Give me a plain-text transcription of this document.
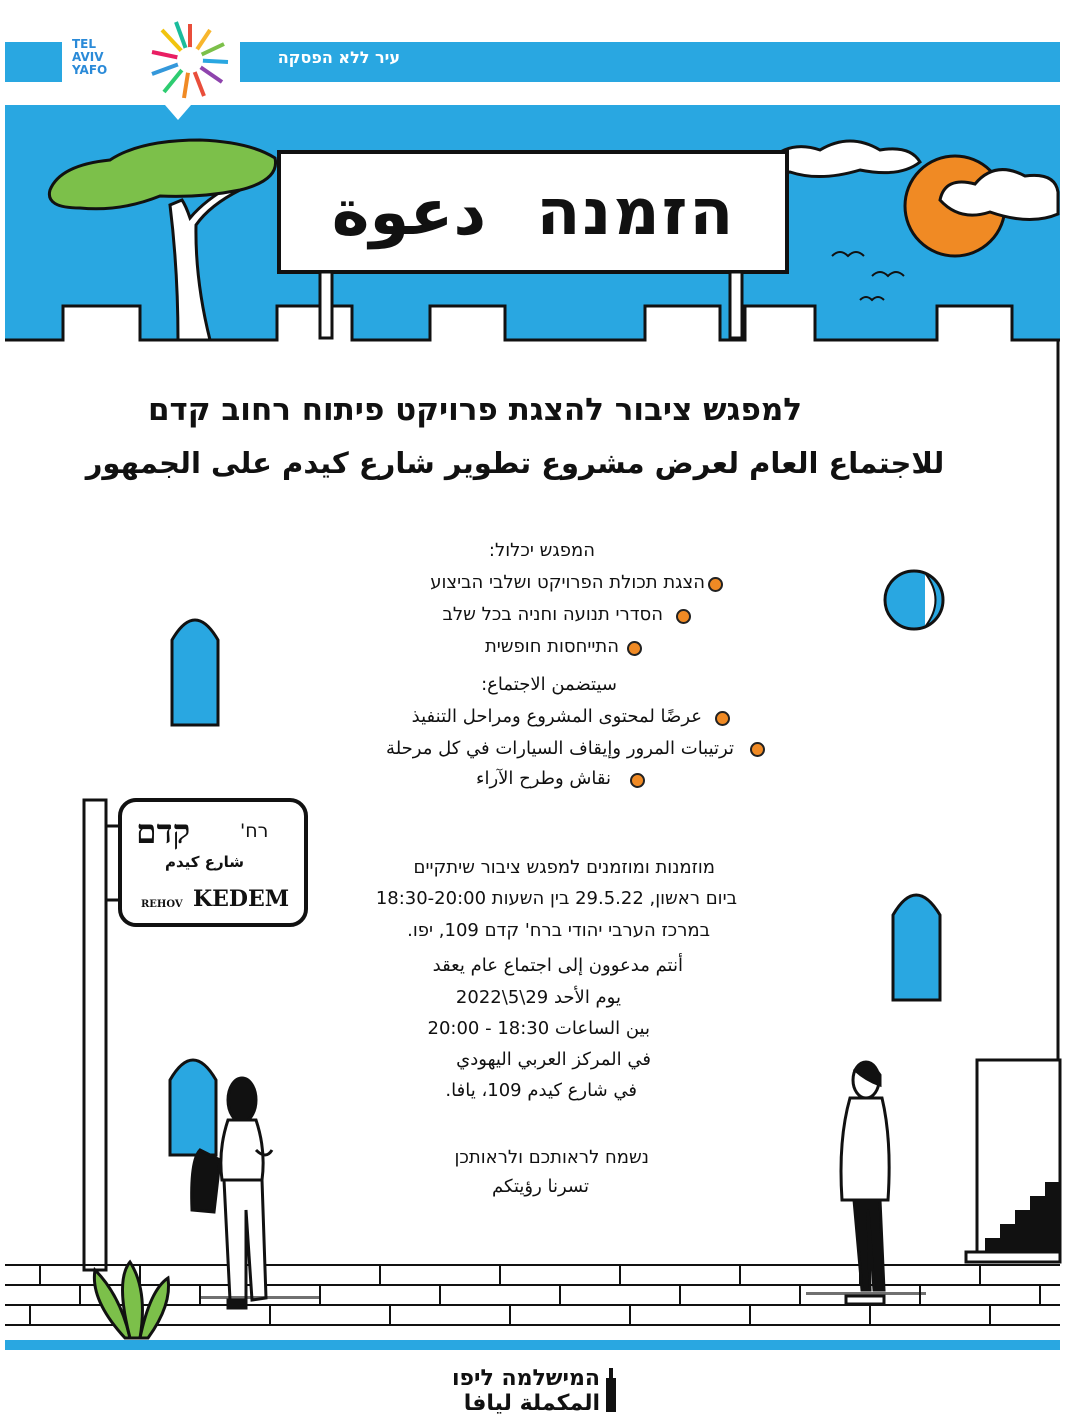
עיר ללא הפסקה
TEL
AVIV
YAFO
הזמנה دعوة
למפגש ציבור להצגת פרויקט פיתוח רחוב קדם
للاجتماع العام لعرض مشروع تطوير شارع كيدم على الجمهور
המפגש יכלול:
הצגת תכולת הפרויקט ושלבי הביצוע
הסדרי תנועה וחניה בכל שלב
התייחסות חופשית
سيتضمن الاجتماع:
عرضًا لمحتوى المشروع ومراحل التنفيذ
ترتيبات المرور وإيقاف السيارات في كل مرحلة
نقاش وطرح الآراء
מוזמנות ומוזמנים למפגש ציבור שיתקיים
ביום ראשון, 29.5.22 בין השעות 18:30-20:00
במרכז הערבי יהודי ברח' קדם 109, יפו.
أنتم مدعوون إلى اجتماع عام يعقد
يوم الأحد 29\5\2022
بين الساعات 18:30 - 20:00
في المركز العربي اليهودي
في شارع كيدم 109، يافا.
נשמח לראותכם ולראותכן
تسرنا رؤيتكم
קדם	רח'
شارع كيدم
REHOV KEDEM
המישלמה ליפו
المكملة ليافا
